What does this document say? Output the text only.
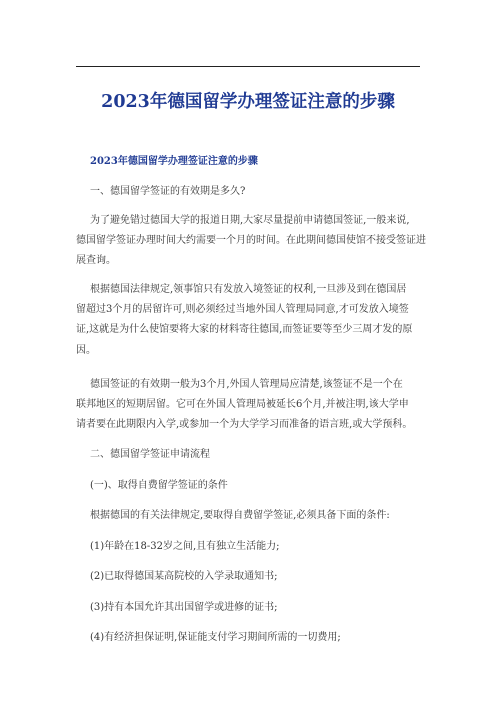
2023年德国留学办理签证注意的步骤
2023年德国留学办理签证注意的步骤
一、德国留学签证的有效期是多久?
为了避免错过德国大学的报道日期,大家尽量提前申请德国签证,一般来说,
德国留学签证办理时间大约需要一个月的时间。在此期间德国使馆不接受签证进
展查询。
根据德国法律规定,领事馆只有发放入境签证的权利,一旦涉及到在德国居
留超过3个月的居留许可,则必须经过当地外国人管理局同意,才可发放入境签
证,这就是为什么使馆要将大家的材料寄往德国,而签证要等至少三周才发的原
因。
德国签证的有效期一般为3个月,外国人管理局应清楚,该签证不是一个在
联邦地区的短期居留。它可在外国人管理局被延长6个月,并被注明,该大学申
请者要在此期限内入学,或参加一个为大学学习而准备的语言班,或大学预科。
二、德国留学签证申请流程
(一)、取得自费留学签证的条件
根据德国的有关法律规定,要取得自费留学签证,必须具备下面的条件:
(1)年龄在18-32岁之间,且有独立生活能力;
(2)已取得德国某高院校的入学录取通知书;
(3)持有本国允许其出国留学或进修的证书;
(4)有经济担保证明,保证能支付学习期间所需的一切费用;
